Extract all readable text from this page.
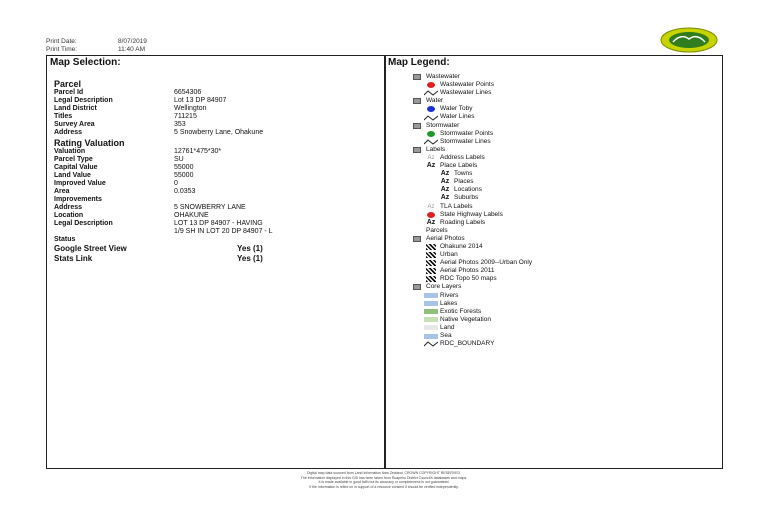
Print Date:	8/07/2019
Print Time:	11:40 AM
Map Selection:	Map Legend:
Parcel
Parcel Id	6654306
Legal Description	Lot 13 DP 84907
Land District	Wellington
Titles	711215
Survey Area	353
Address	5 Snowberry Lane, Ohakune
Rating Valuation
Valuation	12761*475*30*
Parcel Type	SU
Capital Value	55000
Land Value	55000
Improved Value	0
Area	0.0353
Improvements
Address	5 SNOWBERRY LANE
Location	OHAKUNE
Legal Description	LOT 13 DP 84907 - HAVING 1/9 SH IN LOT 20 DP 84907 - L
Status
Google Street View	Yes (1)
Stats Link	Yes (1)
Wastewater
Wastewater Points
Wastewater Lines
Water
Water Toby
Water Lines
Stormwater
Stormwater Points
Stormwater Lines
Labels
Az Address Labels
Az Place Labels
Az Towns
Az Places
Az Locations
Az Suburbs
Az TLA Labels
State Highway Labels
Az Roading Labels
Parcels
Aerial Photos
Ohakune 2014
Urban
Aerial Photos 2009--Urban Only
Aerial Photos 2011
RDC Topo 50 maps
Core Layers
Rivers
Lakes
Exotic Forests
Native Vegetation
Land
Sea
RDC_BOUNDARY
Digital map data sourced from Land Information New Zealand. CROWN COPYRIGHT RESERVED.
The information displayed in this GIS has been taken from Ruapehu District Council's databases and maps.
It is made available in good faith but its accuracy or completeness is not guaranteed.
If the information is relied on in support of a resource consent it should be verified independently.
